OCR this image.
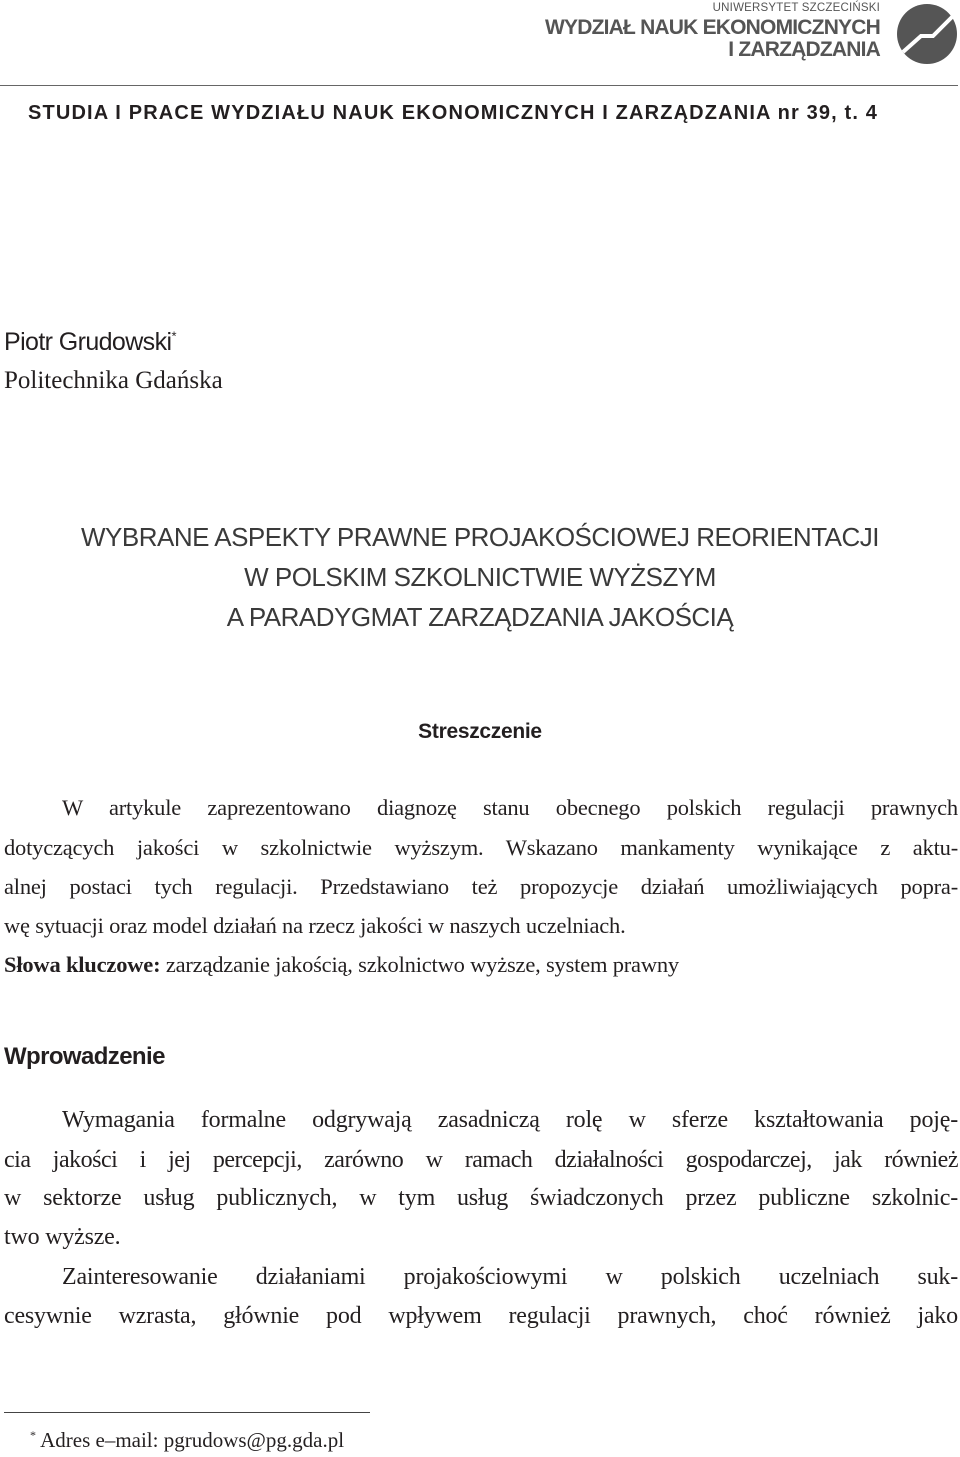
UNIWERSYTET SZCZECIŃSKI
WYDZIAŁ NAUK EKONOMICZNYCH
I ZARZĄDZANIA
STUDIA I PRACE WYDZIAŁU NAUK EKONOMICZNYCH I ZARZĄDZANIA nr 39, t. 4
Piotr Grudowski*
Politechnika Gdańska
WYBRANE ASPEKTY PRAWNE PROJAKOŚCIOWEJ REORIENTACJI
W POLSKIM SZKOLNICTWIE WYŻSZYM
A PARADYGMAT ZARZĄDZANIA JAKOŚCIĄ
Streszczenie
W artykule zaprezentowano diagnozę stanu obecnego polskich regulacji prawnych
dotyczących jakości w szkolnictwie wyższym. Wskazano mankamenty wynikające z aktu-
alnej postaci tych regulacji. Przedstawiano też propozycje działań umożliwiających popra-
wę sytuacji oraz model działań na rzecz jakości w naszych uczelniach.
Słowa kluczowe: zarządzanie jakością, szkolnictwo wyższe, system prawny
Wprowadzenie
Wymagania formalne odgrywają zasadniczą rolę w sferze kształtowania poję-
cia jakości i jej percepcji, zarówno w ramach działalności gospodarczej, jak również
w sektorze usług publicznych, w tym usług świadczonych przez publiczne szkolnic-
two wyższe.
Zainteresowanie działaniami projakościowymi w polskich uczelniach suk-
cesywnie wzrasta, głównie pod wpływem regulacji prawnych, choć również jako
* Adres e–mail: pgrudows@pg.gda.pl
